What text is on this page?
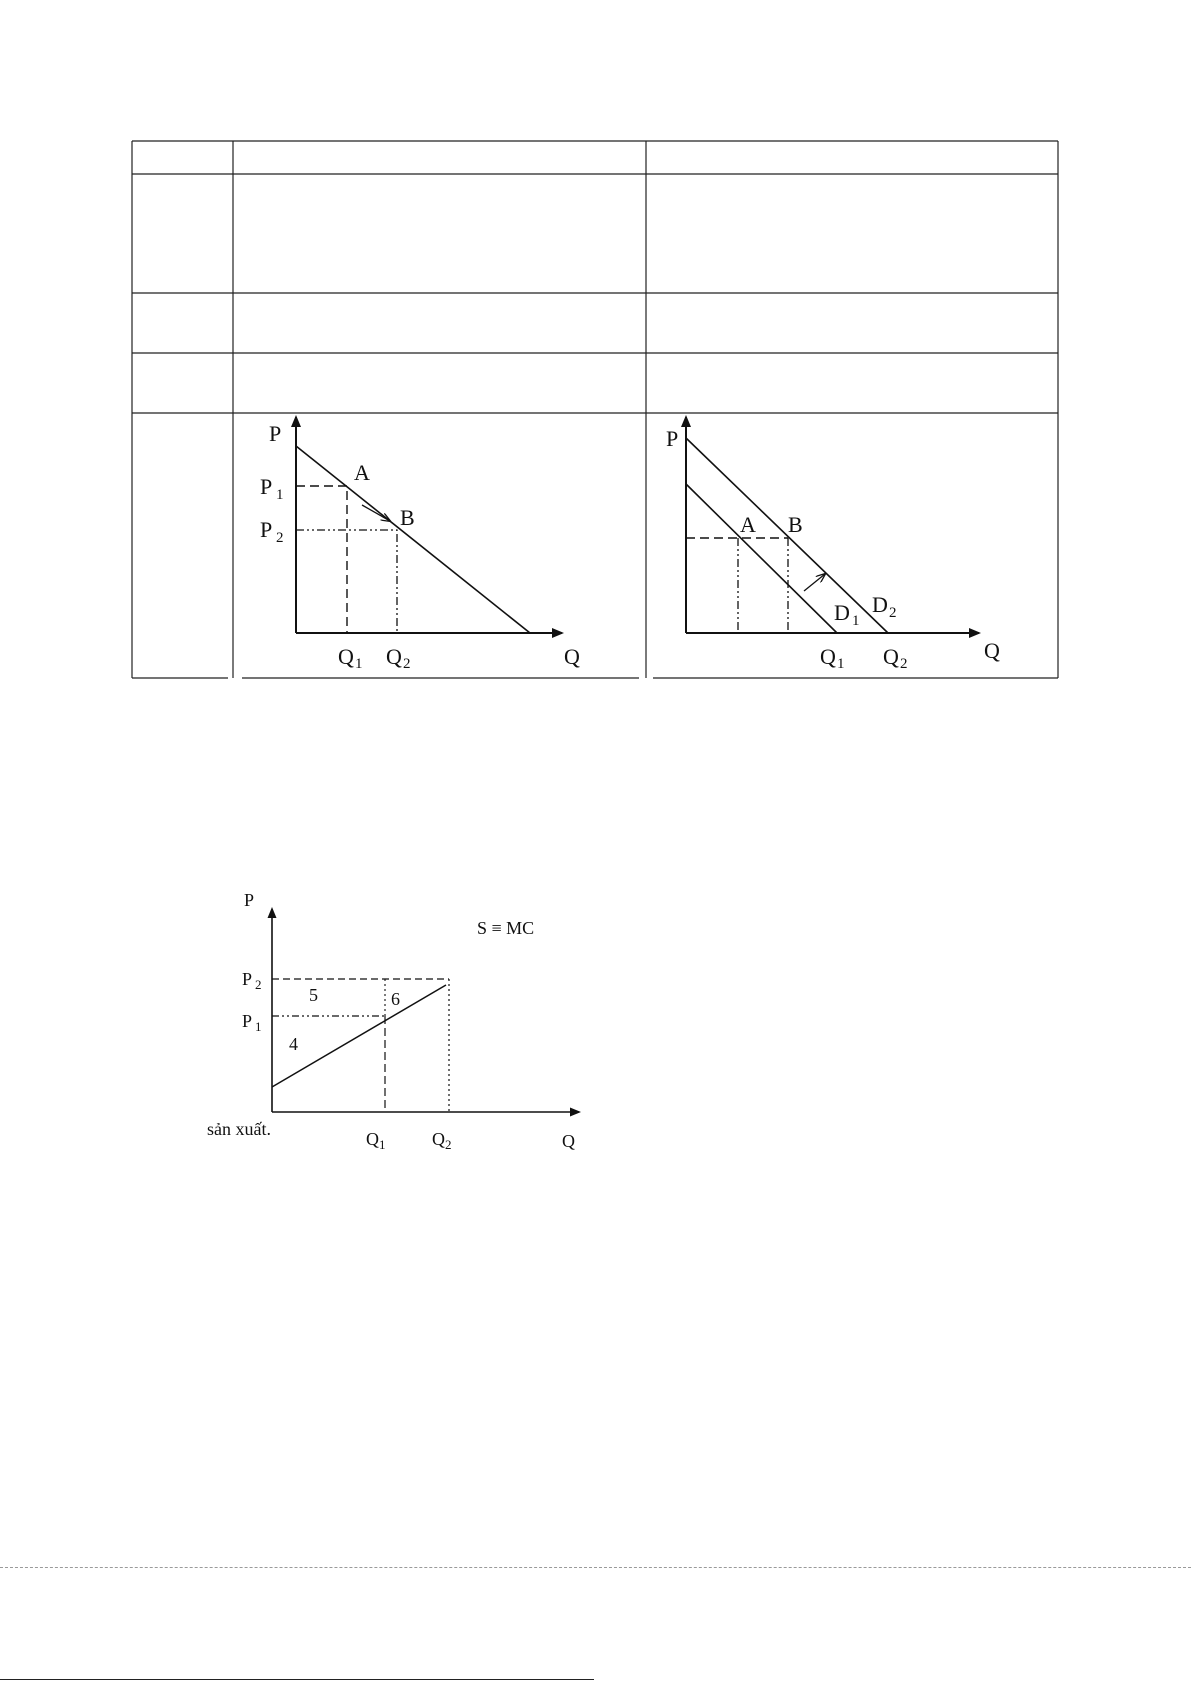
P
Q
A
B
P 1
P 2
Q 1 Q 2
P
Q
A B
D 1
D 2
Q 1 Q 2
P
Q
S ≡ MC
P 2
P 1
5	6
4
Q 1	Q 2
sản xuất.
